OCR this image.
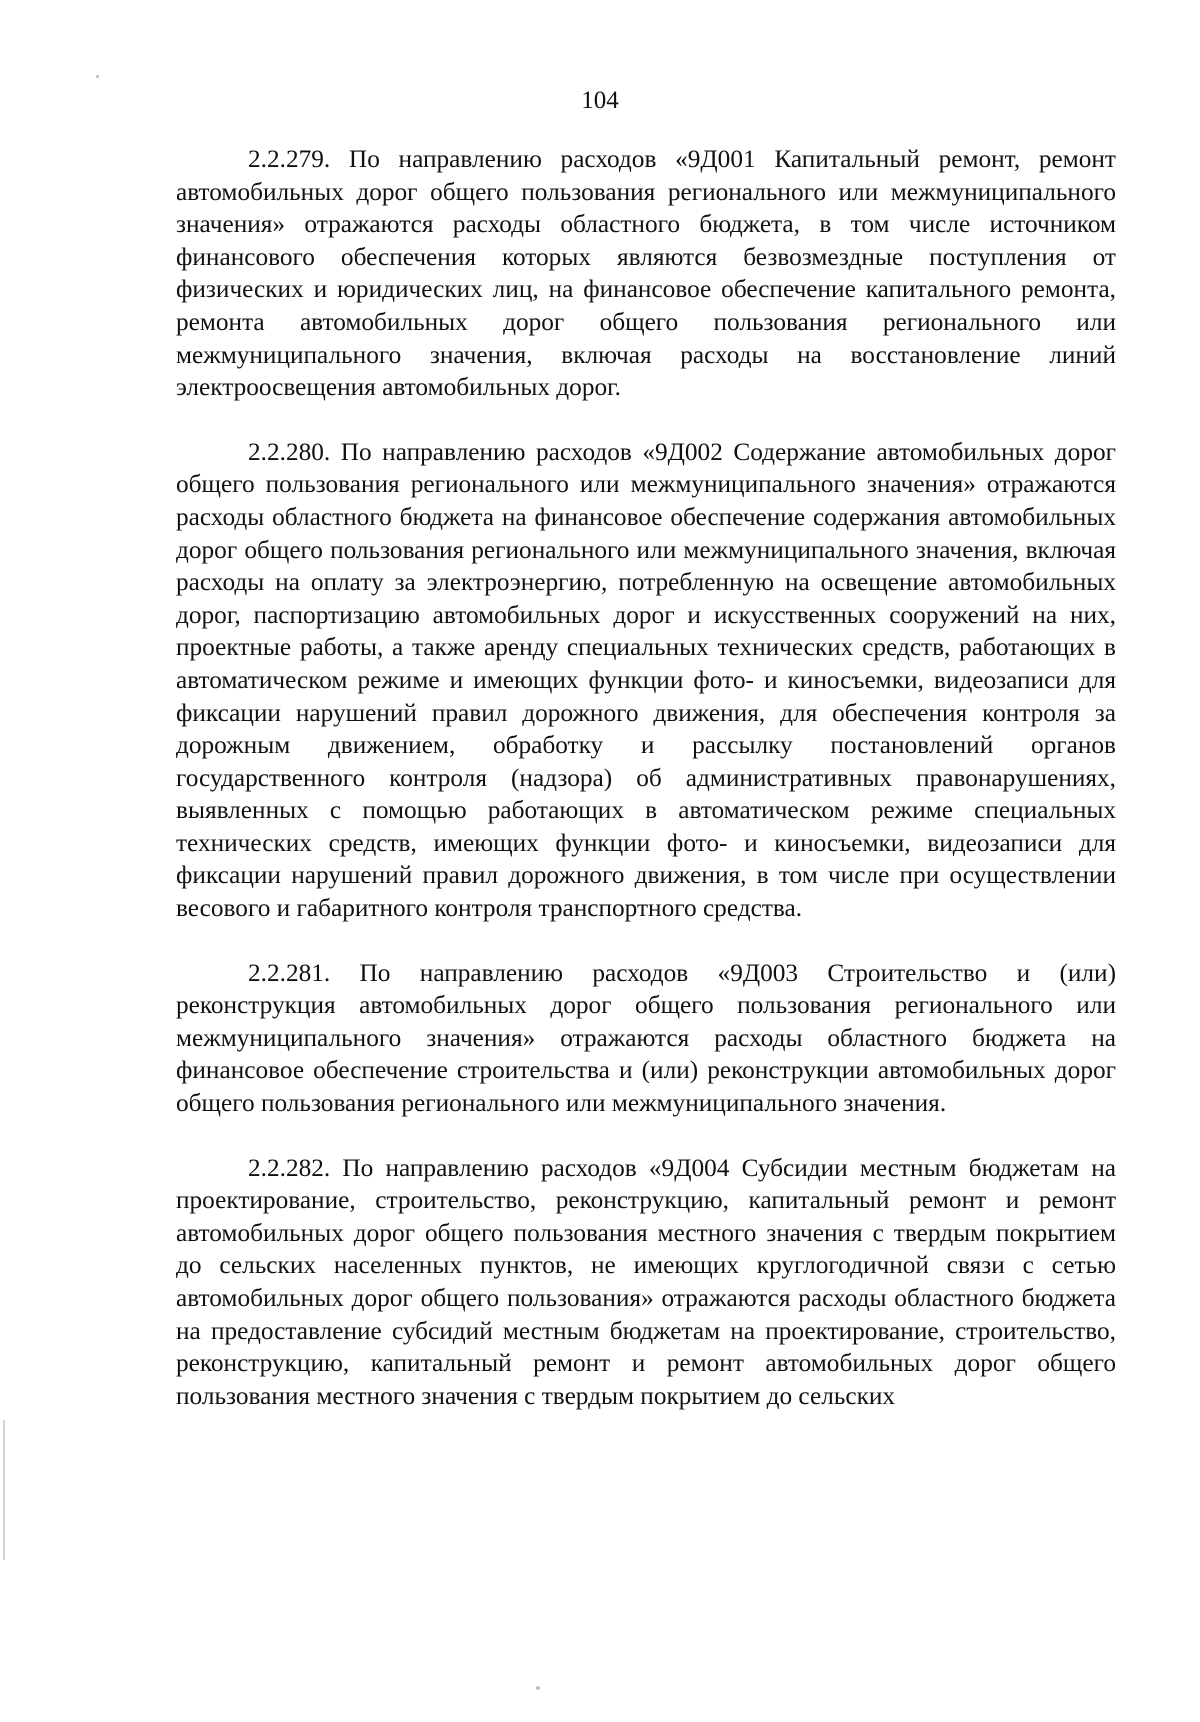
104

2.2.279. По направлению расходов «9Д001 Капитальный ремонт, ремонт автомобильных дорог общего пользования регионального или межмуниципального значения» отражаются расходы областного бюджета, в том числе источником финансового обеспечения которых являются безвозмездные поступления от физических и юридических лиц, на финансовое обеспечение капитального ремонта, ремонта автомобильных дорог общего пользования регионального или межмуниципального значения, включая расходы на восстановление линий электроосвещения автомобильных дорог.

2.2.280. По направлению расходов «9Д002 Содержание автомобильных дорог общего пользования регионального или межмуниципального значения» отражаются расходы областного бюджета на финансовое обеспечение содержания автомобильных дорог общего пользования регионального или межмуниципального значения, включая расходы на оплату за электроэнергию, потребленную на освещение автомобильных дорог, паспортизацию автомобильных дорог и искусственных сооружений на них, проектные работы, а также аренду специальных технических средств, работающих в автоматическом режиме и имеющих функции фото- и киносъемки, видеозаписи для фиксации нарушений правил дорожного движения, для обеспечения контроля за дорожным движением, обработку и рассылку постановлений органов государственного контроля (надзора) об административных правонарушениях, выявленных с помощью работающих в автоматическом режиме специальных технических средств, имеющих функции фото- и киносъемки, видеозаписи для фиксации нарушений правил дорожного движения, в том числе при осуществлении весового и габаритного контроля транспортного средства.

2.2.281. По направлению расходов «9Д003 Строительство и (или) реконструкция автомобильных дорог общего пользования регионального или межмуниципального значения» отражаются расходы областного бюджета на финансовое обеспечение строительства и (или) реконструкции автомобильных дорог общего пользования регионального или межмуниципального значения.

2.2.282. По направлению расходов «9Д004 Субсидии местным бюджетам на проектирование, строительство, реконструкцию, капитальный ремонт и ремонт автомобильных дорог общего пользования местного значения с твердым покрытием до сельских населенных пунктов, не имеющих круглогодичной связи с сетью автомобильных дорог общего пользования» отражаются расходы областного бюджета на предоставление субсидий местным бюджетам на проектирование, строительство, реконструкцию, капитальный ремонт и ремонт автомобильных дорог общего пользования местного значения с твердым покрытием до сельских
